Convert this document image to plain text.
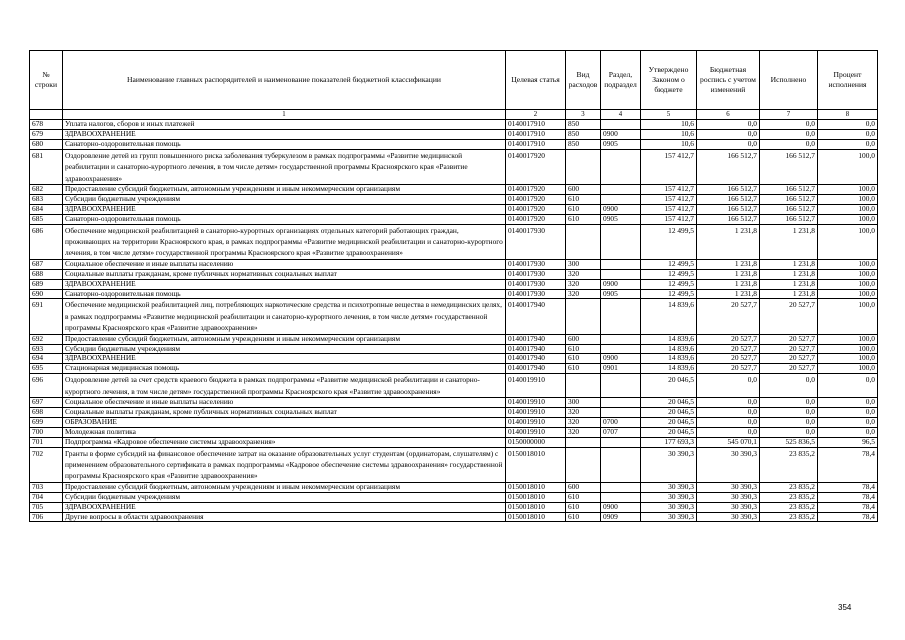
№ строки	Наименование главных распорядителей и наименование показателей бюджетной классификации	Целевая статья	Вид расходов	Раздел, подраздел	Утверждено Законом о бюджете	Бюджетная роспись с учетом изменений	Исполнено	Процент исполнения
	1	2	3	4	5	6	7	8
678	Уплата налогов, сборов и иных платежей	0140017910	850		10,6	0,0	0,0	0,0
679	ЗДРАВООХРАНЕНИЕ	0140017910	850	0900	10,6	0,0	0,0	0,0
680	Санаторно-оздоровительная помощь	0140017910	850	0905	10,6	0,0	0,0	0,0
681	Оздоровление детей из групп повышенного риска заболевания туберкулезом в рамках подпрограммы «Развитие медицинской реабилитации и санаторно-курортного лечения, в том числе детям» государственной программы Красноярского края «Развитие здравоохранения»	0140017920			157 412,7	166 512,7	166 512,7	100,0
682	Предоставление субсидий бюджетным, автономным учреждениям и иным некоммерческим организациям	0140017920	600		157 412,7	166 512,7	166 512,7	100,0
683	Субсидии бюджетным учреждениям	0140017920	610		157 412,7	166 512,7	166 512,7	100,0
684	ЗДРАВООХРАНЕНИЕ	0140017920	610	0900	157 412,7	166 512,7	166 512,7	100,0
685	Санаторно-оздоровительная помощь	0140017920	610	0905	157 412,7	166 512,7	166 512,7	100,0
686	Обеспечение медицинской реабилитацией в санаторно-курортных организациях отдельных категорий работающих граждан, проживающих на территории Красноярского края, в рамках подпрограммы «Развитие медицинской реабилитации и санаторно-курортного лечения, в том числе детям» государственной программы Красноярского края «Развитие здравоохранения»	0140017930			12 499,5	1 231,8	1 231,8	100,0
687	Социальное обеспечение и иные выплаты населению	0140017930	300		12 499,5	1 231,8	1 231,8	100,0
688	Социальные выплаты гражданам, кроме публичных нормативных социальных выплат	0140017930	320		12 499,5	1 231,8	1 231,8	100,0
689	ЗДРАВООХРАНЕНИЕ	0140017930	320	0900	12 499,5	1 231,8	1 231,8	100,0
690	Санаторно-оздоровительная помощь	0140017930	320	0905	12 499,5	1 231,8	1 231,8	100,0
691	Обеспечение медицинской реабилитацией лиц, потребляющих наркотические средства и психотропные вещества в немедицинских целях, в рамках подпрограммы «Развитие медицинской реабилитации и санаторно-курортного лечения, в том числе детям» государственной программы Красноярского края «Развитие здравоохранения»	0140017940			14 839,6	20 527,7	20 527,7	100,0
692	Предоставление субсидий бюджетным, автономным учреждениям и иным некоммерческим организациям	0140017940	600		14 839,6	20 527,7	20 527,7	100,0
693	Субсидии бюджетным учреждениям	0140017940	610		14 839,6	20 527,7	20 527,7	100,0
694	ЗДРАВООХРАНЕНИЕ	0140017940	610	0900	14 839,6	20 527,7	20 527,7	100,0
695	Стационарная медицинская помощь	0140017940	610	0901	14 839,6	20 527,7	20 527,7	100,0
696	Оздоровление детей за счет средств краевого бюджета в рамках подпрограммы «Развитие медицинской реабилитации и санаторно-курортного лечения, в том числе детям» государственной программы Красноярского края «Развитие здравоохранения»	0140019910			20 046,5	0,0	0,0	0,0
697	Социальное обеспечение и иные выплаты населению	0140019910	300		20 046,5	0,0	0,0	0,0
698	Социальные выплаты гражданам, кроме публичных нормативных социальных выплат	0140019910	320		20 046,5	0,0	0,0	0,0
699	ОБРАЗОВАНИЕ	0140019910	320	0700	20 046,5	0,0	0,0	0,0
700	Молодежная политика	0140019910	320	0707	20 046,5	0,0	0,0	0,0
701	Подпрограмма «Кадровое обеспечение системы здравоохранения»	0150000000			177 693,3	545 070,1	525 836,5	96,5
702	Гранты в форме субсидий на финансовое обеспечение затрат на оказание образовательных услуг студентам (ординаторам, слушателям) с применением образовательного сертификата в рамках подпрограммы «Кадровое обеспечение системы здравоохранения» государственной программы Красноярского края «Развитие здравоохранения»	0150018010			30 390,3	30 390,3	23 835,2	78,4
703	Предоставление субсидий бюджетным, автономным учреждениям и иным некоммерческим организациям	0150018010	600		30 390,3	30 390,3	23 835,2	78,4
704	Субсидии бюджетным учреждениям	0150018010	610		30 390,3	30 390,3	23 835,2	78,4
705	ЗДРАВООХРАНЕНИЕ	0150018010	610	0900	30 390,3	30 390,3	23 835,2	78,4
706	Другие вопросы в области здравоохранения	0150018010	610	0909	30 390,3	30 390,3	23 835,2	78,4
354
